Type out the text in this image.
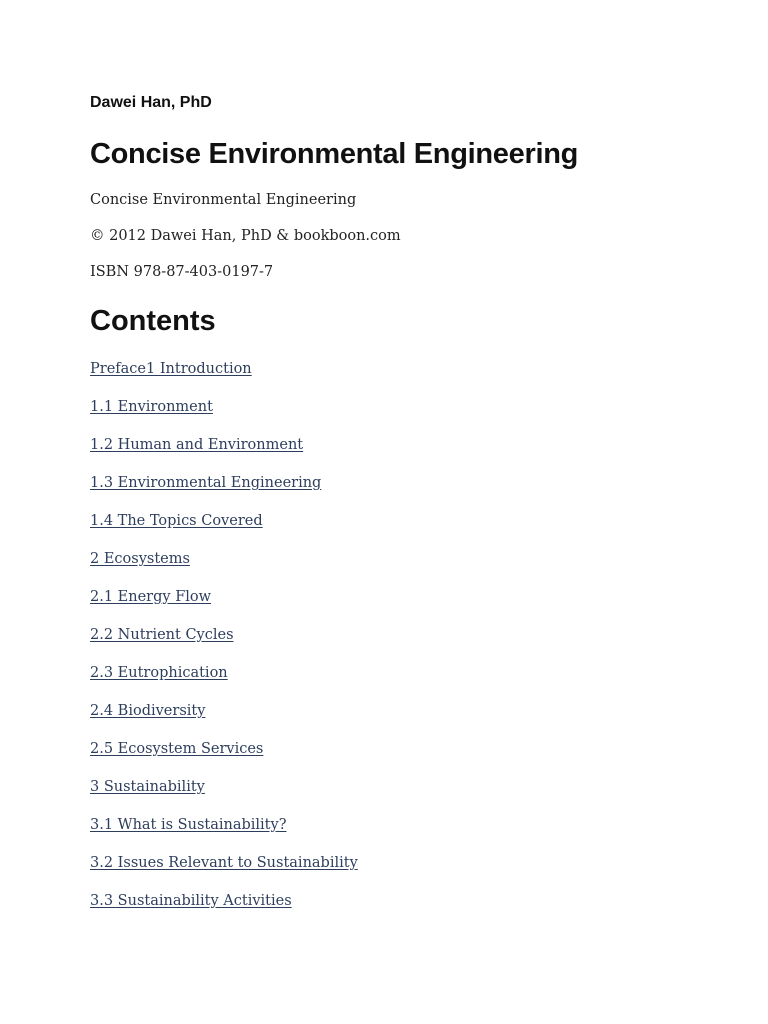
Dawei Han, PhD
Concise Environmental Engineering
Concise Environmental Engineering
© 2012 Dawei Han, PhD & bookboon.com
ISBN 978-87-403-0197-7
Contents
Preface1 Introduction
1.1 Environment
1.2 Human and Environment
1.3 Environmental Engineering
1.4 The Topics Covered
2 Ecosystems
2.1 Energy Flow
2.2 Nutrient Cycles
2.3 Eutrophication
2.4 Biodiversity
2.5 Ecosystem Services
3 Sustainability
3.1 What is Sustainability?
3.2 Issues Relevant to Sustainability
3.3 Sustainability Activities
